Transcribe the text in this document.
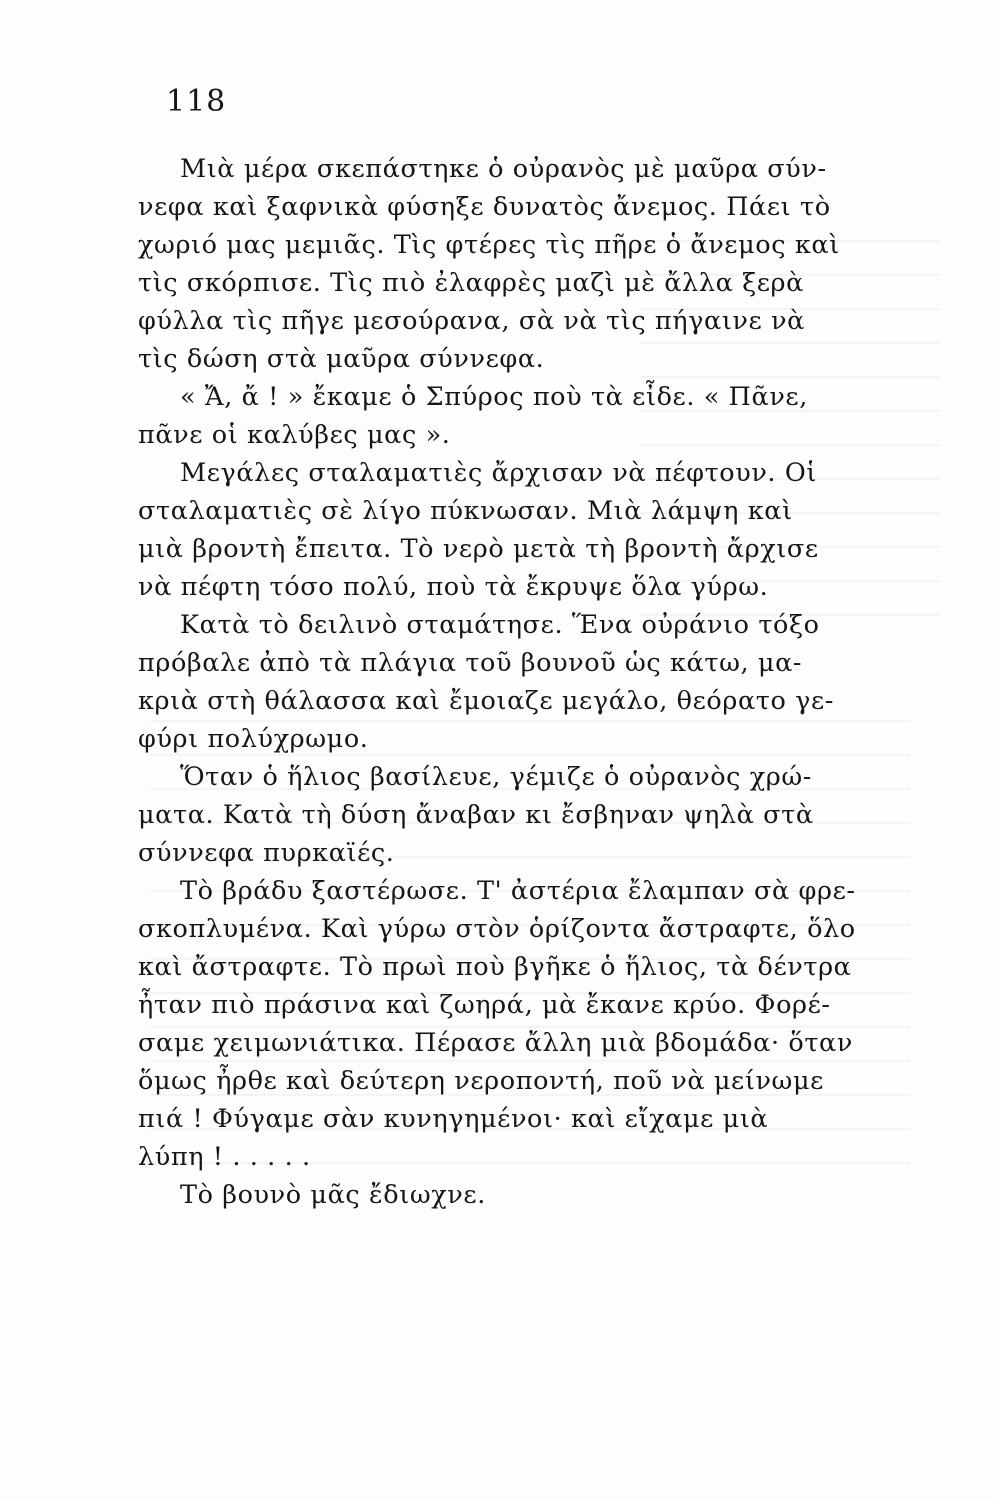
118
Μιὰ μέρα σκεπάστηκε ὁ οὐρανὸς μὲ μαῦρα σύν-
νεφα καὶ ξαφνικὰ φύσηξε δυνατὸς ἄνεμος. Πάει τὸ
χωριό μας μεμιᾶς. Τὶς φτέρες τὶς πῆρε ὁ ἄνεμος καὶ
τὶς σκόρπισε. Τὶς πιὸ ἐλαφρὲς μαζὶ μὲ ἄλλα ξερὰ
φύλλα τὶς πῆγε μεσούρανα, σὰ νὰ τὶς πήγαινε νὰ
τὶς δώση στὰ μαῦρα σύννεφα.
« Ἄ, ἄ ! » ἔκαμε ὁ Σπύρος ποὺ τὰ εἶδε. « Πᾶνε,
πᾶνε οἱ καλύβες μας ».
Μεγάλες σταλαματιὲς ἄρχισαν νὰ πέφτουν. Οἱ
σταλαματιὲς σὲ λίγο πύκνωσαν. Μιὰ λάμψη καὶ
μιὰ βροντὴ ἔπειτα. Τὸ νερὸ μετὰ τὴ βροντὴ ἄρχισε
νὰ πέφτη τόσο πολύ, ποὺ τὰ ἔκρυψε ὅλα γύρω.
Κατὰ τὸ δειλινὸ σταμάτησε. Ἕνα οὐράνιο τόξο
πρόβαλε ἀπὸ τὰ πλάγια τοῦ βουνοῦ ὡς κάτω, μα-
κριὰ στὴ θάλασσα καὶ ἔμοιαζε μεγάλο, θεόρατο γε-
φύρι πολύχρωμο.
Ὅταν ὁ ἥλιος βασίλευε, γέμιζε ὁ οὐρανὸς χρώ-
ματα. Κατὰ τὴ δύση ἄναβαν κι ἔσβηναν ψηλὰ στὰ
σύννεφα πυρκαϊές.
Τὸ βράδυ ξαστέρωσε. Τ' ἀστέρια ἔλαμπαν σὰ φρε-
σκοπλυμένα. Καὶ γύρω στὸν ὁρίζοντα ἄστραφτε, ὅλο
καὶ ἄστραφτε. Τὸ πρωὶ ποὺ βγῆκε ὁ ἥλιος, τὰ δέντρα
ἦταν πιὸ πράσινα καὶ ζωηρά, μὰ ἔκανε κρύο. Φορέ-
σαμε χειμωνιάτικα. Πέρασε ἄλλη μιὰ βδομάδα· ὅταν
ὅμως ἦρθε καὶ δεύτερη νεροποντή, ποῦ νὰ μείνωμε
πιά ! Φύγαμε σὰν κυνηγημένοι· καὶ εἴχαμε μιὰ
λύπη ! . . . . .
Τὸ βουνὸ μᾶς ἔδιωχνε.
